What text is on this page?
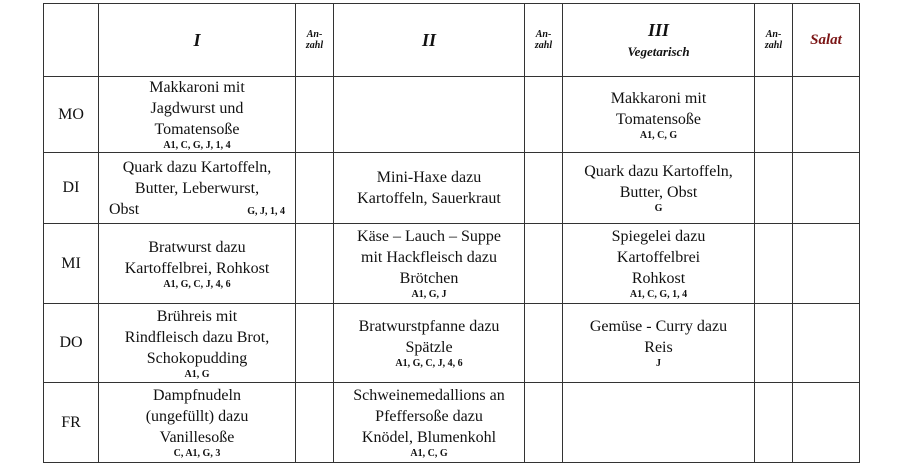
	I	An-
zahl	II	An-
zahl	III
Vegetarisch	An-
zahl	Salat
MO	Makkaroni mit
Jagdwurst und
Tomatensoße
A1, C, G, J, 1, 4				Makkaroni mit
Tomatensoße
A1, C, G		

DI	Quark dazu Kartoffeln,
Butter, Leberwurst,
Obst G, J, 1, 4		Mini-Haxe dazu
Kartoffeln, Sauerkraut		Quark dazu Kartoffeln,
Butter, Obst
G		

MI	Bratwurst dazu
Kartoffelbrei, Rohkost
A1, G, C, J, 4, 6		Käse – Lauch – Suppe
mit Hackfleisch dazu
Brötchen
A1, G, J		Spiegelei dazu
Kartoffelbrei
Rohkost
A1, C, G, 1, 4		

DO	Brühreis mit
Rindfleisch dazu Brot,
Schokopudding
A1, G		Bratwurstpfanne dazu
Spätzle
A1, G, C, J, 4, 6		Gemüse - Curry dazu
Reis
J		

FR	Dampfnudeln
(ungefüllt) dazu
Vanillesoße
C, A1, G, 3		Schweinemedallions an
Pfeffersoße dazu
Knödel, Blumenkohl
A1, C, G				
